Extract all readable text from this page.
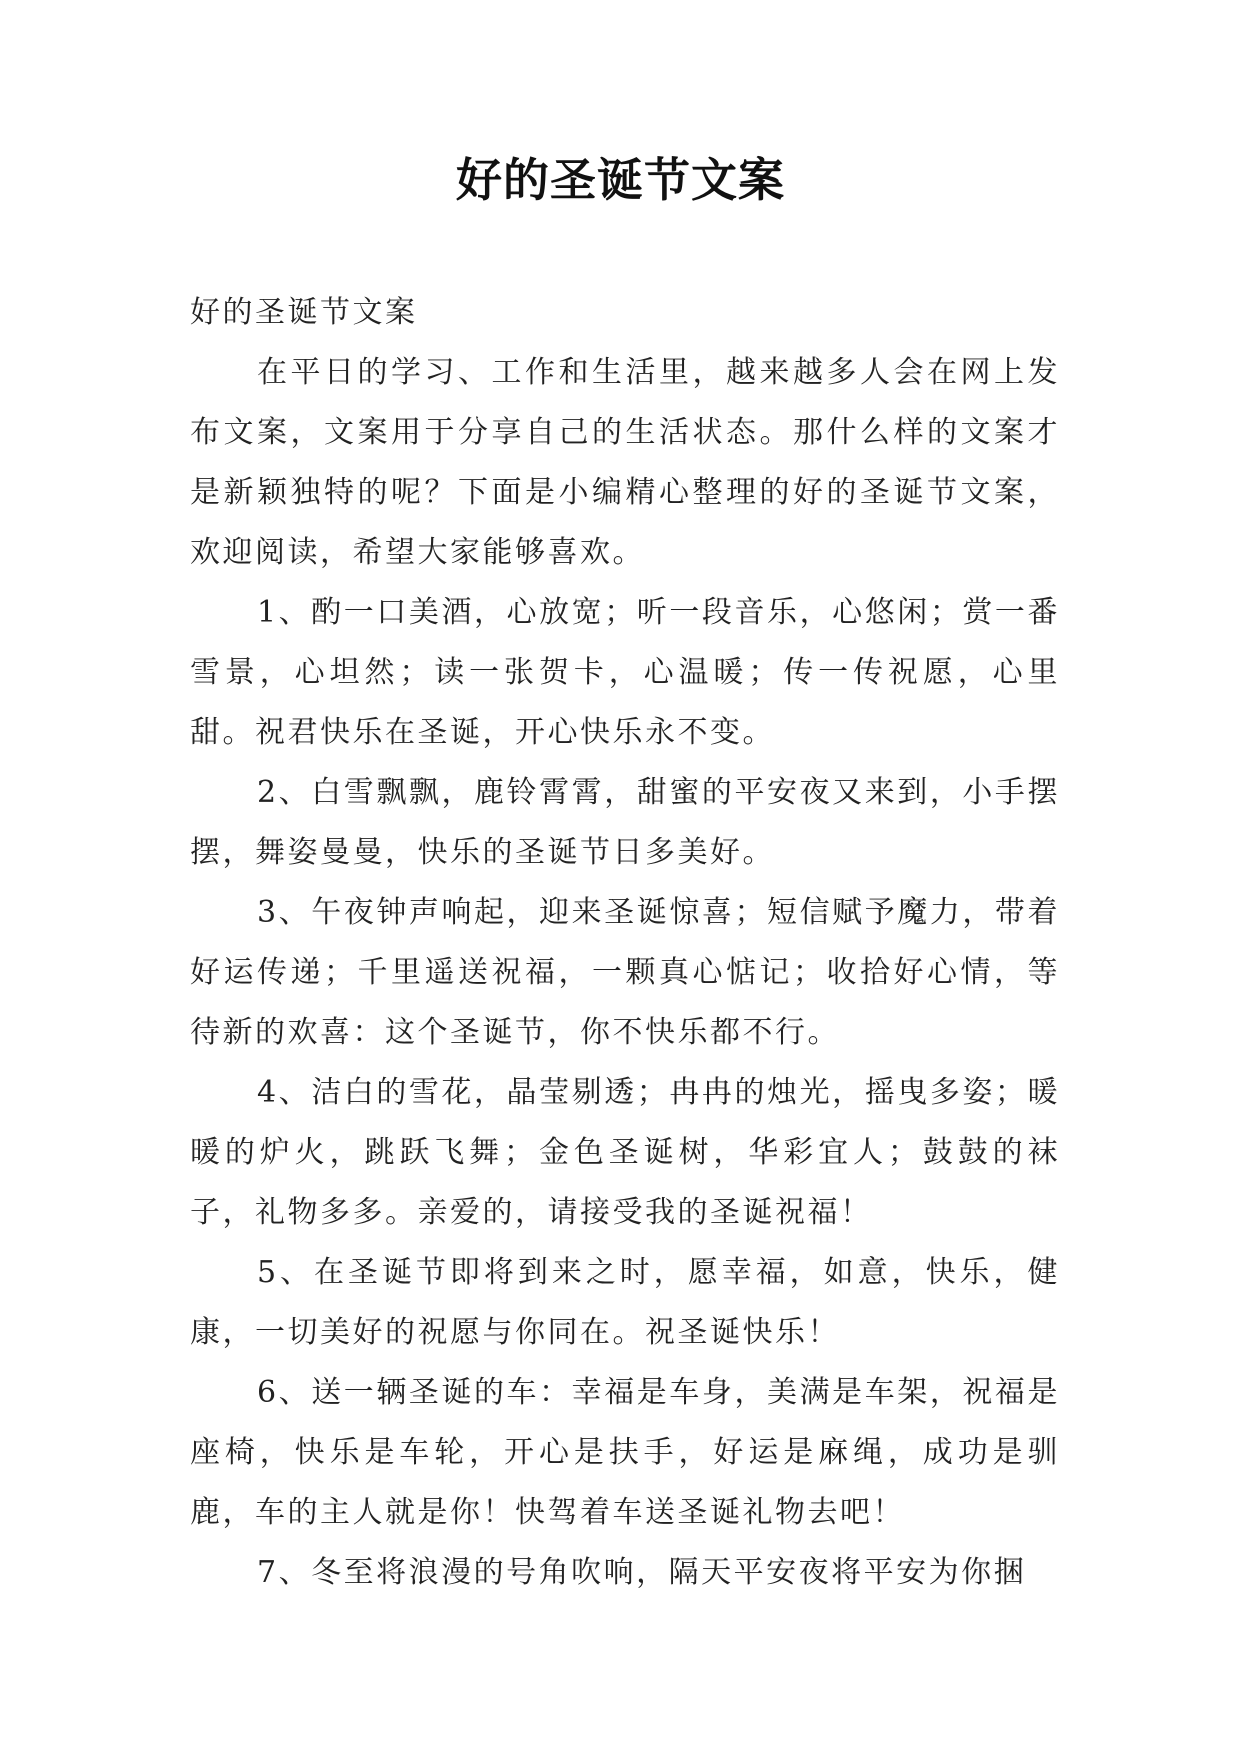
好的圣诞节文案

好的圣诞节文案

在平日的学习、工作和生活里，越来越多人会在网上发布文案，文案用于分享自己的生活状态。那什么样的文案才是新颖独特的呢？下面是小编精心整理的好的圣诞节文案，欢迎阅读，希望大家能够喜欢。

1、酌一口美酒，心放宽；听一段音乐，心悠闲；赏一番雪景，心坦然；读一张贺卡，心温暖；传一传祝愿，心里甜。祝君快乐在圣诞，开心快乐永不变。

2、白雪飘飘，鹿铃霄霄，甜蜜的平安夜又来到，小手摆摆，舞姿曼曼，快乐的圣诞节日多美好。

3、午夜钟声响起，迎来圣诞惊喜；短信赋予魔力，带着好运传递；千里遥送祝福，一颗真心惦记；收拾好心情，等待新的欢喜：这个圣诞节，你不快乐都不行。

4、洁白的雪花，晶莹剔透；冉冉的烛光，摇曳多姿；暖暖的炉火，跳跃飞舞；金色圣诞树，华彩宜人；鼓鼓的袜子，礼物多多。亲爱的，请接受我的圣诞祝福！

5、在圣诞节即将到来之时，愿幸福，如意，快乐，健康，一切美好的祝愿与你同在。祝圣诞快乐！

6、送一辆圣诞的车：幸福是车身，美满是车架，祝福是座椅，快乐是车轮，开心是扶手，好运是麻绳，成功是驯鹿，车的主人就是你！快驾着车送圣诞礼物去吧！

7、冬至将浪漫的号角吹响，隔天平安夜将平安为你捆
